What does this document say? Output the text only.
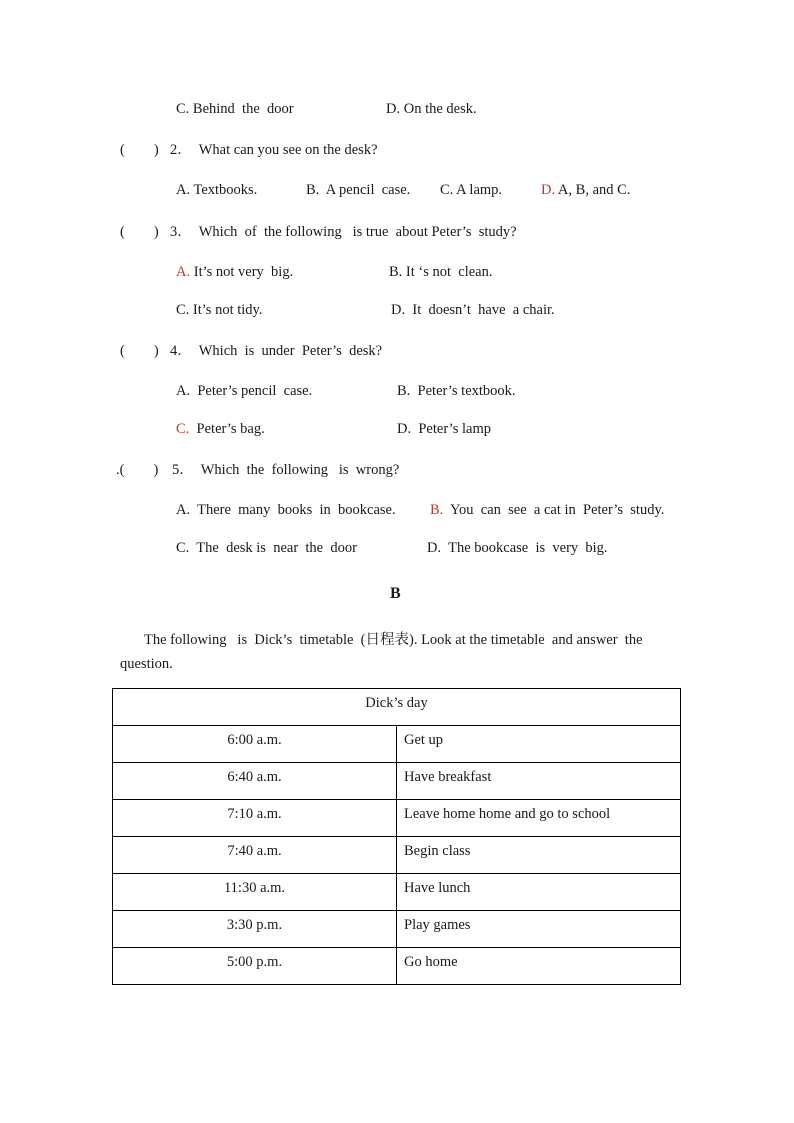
C. Behind  the  door	D. On the desk.
(        ) 2．  What can you see on the desk?
A. Textbooks.	B.  A pencil  case. C. A lamp.	D. A, B, and C.
(        ) 3．  Which  of  the following   is true  about Peter’s  study?
A. It’s not very  big.	B. It ‘s not  clean.
C. It’s not tidy.	D.  It  doesn’t  have  a chair.
(        ) 4．  Which  is  under  Peter’s  desk?
A.  Peter’s pencil  case.	B.  Peter’s textbook.
C.  Peter’s bag.	D.  Peter’s lamp
.(        ) 5．  Which  the  following   is  wrong?
A.  There  many  books  in  bookcase. B.  You  can  see  a cat in  Peter’s  study.
C.  The  desk is  near  the  door	D.  The bookcase  is  very  big.
B
The following   is  Dick’s  timetable  (日程表). Look at the timetable  and answer  the
question.
Dick’s day	
6:00 a.m.	Get up
6:40 a.m.	Have breakfast
7:10 a.m.	Leave home home and go to school
7:40 a.m.	Begin class
11:30 a.m.	Have lunch
3:30 p.m.	Play games
5:00 p.m.	Go home
